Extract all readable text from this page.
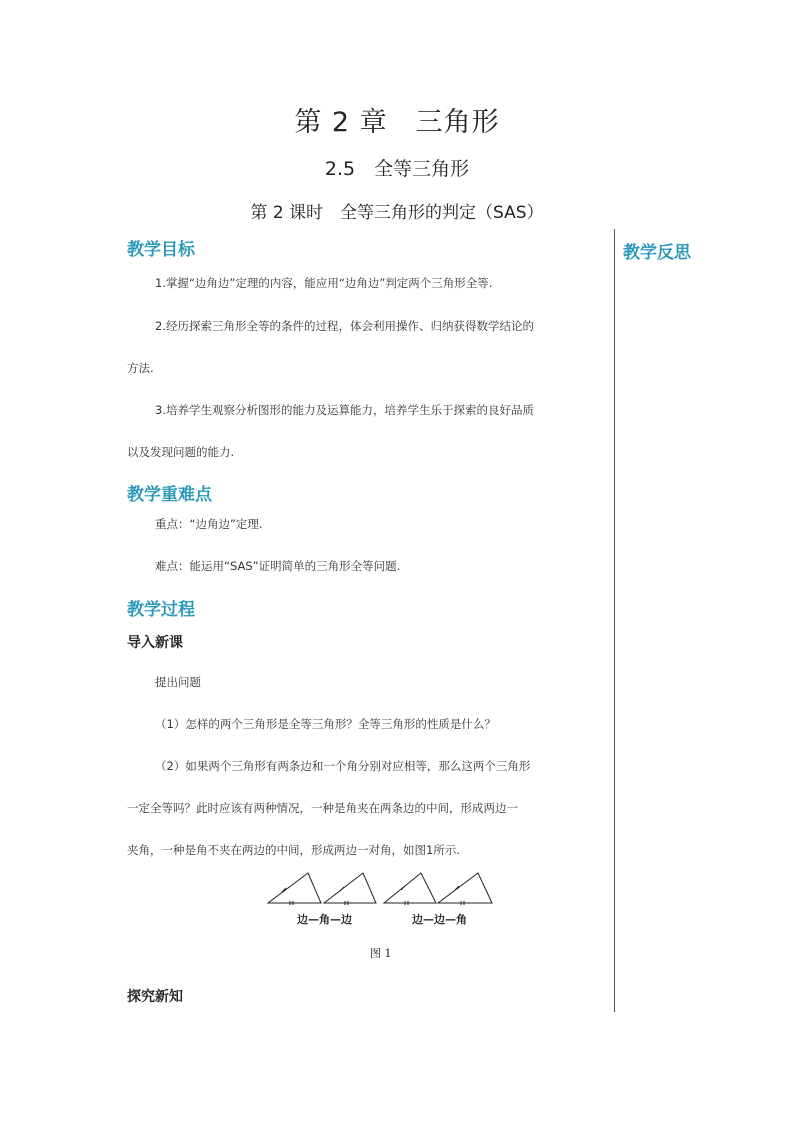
第 2 章　三角形
2.5　全等三角形
第 2 课时　全等三角形的判定（SAS）
教学反思
教学目标
1.掌握“边角边”定理的内容，能应用“边角边”判定两个三角形全等.
2.经历探索三角形全等的条件的过程，体会利用操作、归纳获得数学结论的
方法.
3.培养学生观察分析图形的能力及运算能力，培养学生乐于探索的良好品质
以及发现问题的能力.
教学重难点
重点：“边角边”定理.
难点：能运用“SAS”证明简单的三角形全等问题.
教学过程
导入新课
提出问题
（1）怎样的两个三角形是全等三角形？全等三角形的性质是什么？
（2）如果两个三角形有两条边和一个角分别对应相等，那么这两个三角形
一定全等吗？此时应该有两种情况，一种是角夹在两条边的中间，形成两边一
夹角，一种是角不夹在两边的中间，形成两边一对角，如图1所示.
边—角—边	边—边—角
图 1
探究新知
